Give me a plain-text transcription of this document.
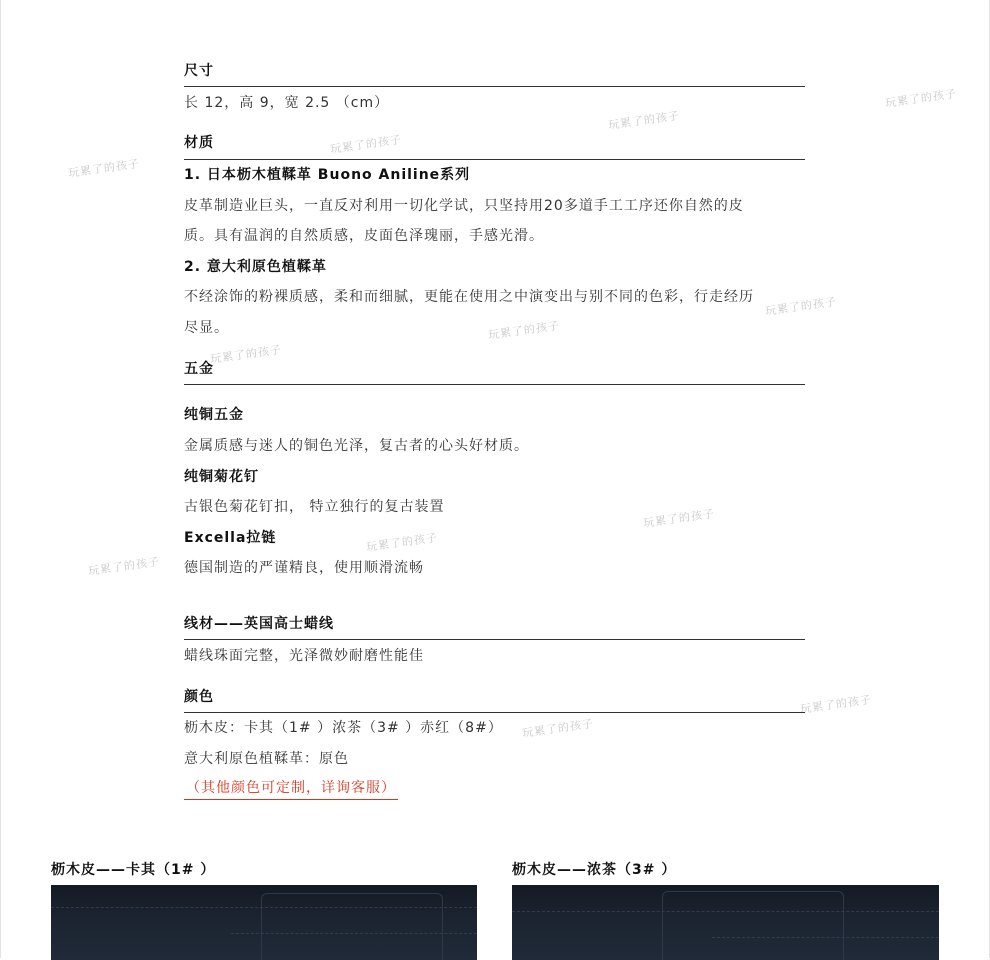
玩累了的孩子
玩累了的孩子
玩累了的孩子
玩累了的孩子
玩累了的孩子
玩累了的孩子
玩累了的孩子
玩累了的孩子
玩累了的孩子
玩累了的孩子
玩累了的孩子
玩累了的孩子
尺寸
长 12，高 9，宽 2.5 （cm）
材质
1. 日本枥木植鞣革 Buono Aniline系列
皮革制造业巨头，一直反对利用一切化学试，只坚持用20多道手工工序还你自然的皮
质。具有温润的自然质感，皮面色泽瑰丽，手感光滑。
2. 意大利原色植鞣革
不经涂饰的粉裸质感，柔和而细腻，更能在使用之中演变出与别不同的色彩，行走经历
尽显。
五金
纯铜五金
金属质感与迷人的铜色光泽，复古者的心头好材质。
纯铜菊花钉
古银色菊花钉扣， 特立独行的复古装置
Excella拉链
德国制造的严谨精良，使用顺滑流畅
线材——英国高士蜡线
蜡线珠面完整，光泽微妙耐磨性能佳
颜色
枥木皮：卡其（1# ）浓茶（3# ）赤红（8#）
意大利原色植鞣革：原色
（其他颜色可定制，详询客服）
枥木皮——卡其（1# ）	枥木皮——浓茶（3# ）
